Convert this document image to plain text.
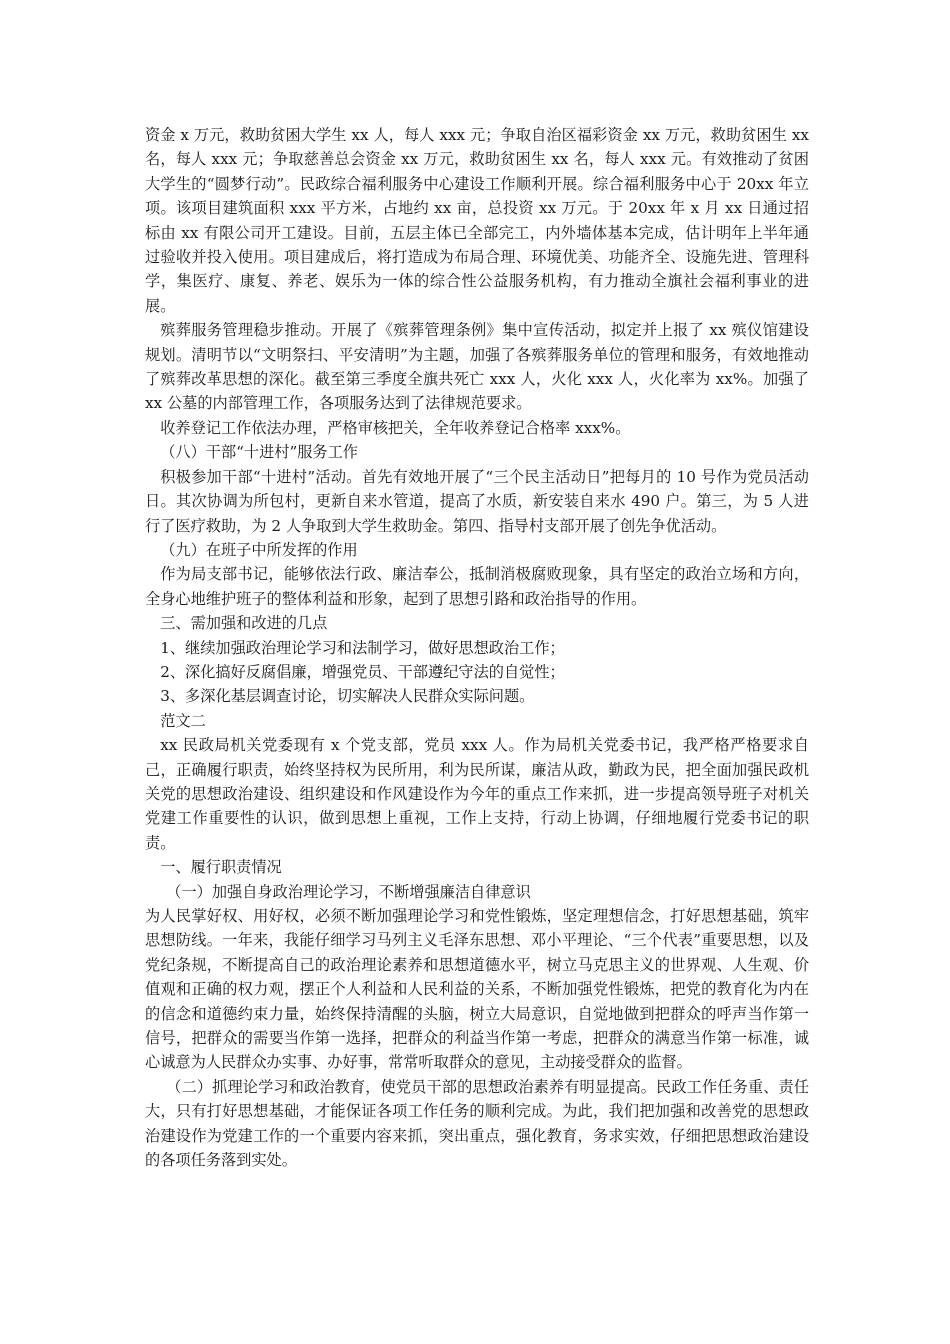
资金 x 万元，救助贫困大学生 xx 人，每人 xxx 元；争取自治区福彩资金 xx 万元，救助贫困生 xx 名，每人 xxx 元；争取慈善总会资金 xx 万元，救助贫困生 xx 名，每人 xxx 元。有效推动了贫困大学生的“圆梦行动”。民政综合福利服务中心建设工作顺利开展。综合福利服务中心于 20xx 年立项。该项目建筑面积 xxx 平方米，占地约 xx 亩，总投资 xx 万元。于 20xx 年 x 月 xx 日通过招标由 xx 有限公司开工建设。目前，五层主体已全部完工，内外墙体基本完成，估计明年上半年通过验收并投入使用。项目建成后，将打造成为布局合理、环境优美、功能齐全、设施先进、管理科学，集医疗、康复、养老、娱乐为一体的综合性公益服务机构，有力推动全旗社会福利事业的进展。

殡葬服务管理稳步推动。开展了《殡葬管理条例》集中宣传活动，拟定并上报了 xx 殡仪馆建设规划。清明节以“文明祭扫、平安清明”为主题，加强了各殡葬服务单位的管理和服务，有效地推动了殡葬改革思想的深化。截至第三季度全旗共死亡 xxx 人，火化 xxx 人，火化率为 xx%。加强了 xx 公墓的内部管理工作，各项服务达到了法律规范要求。

收养登记工作依法办理，严格审核把关，全年收养登记合格率 xxx%。

（八）干部“十进村”服务工作

积极参加干部“十进村”活动。首先有效地开展了“三个民主活动日”把每月的 10 号作为党员活动日。其次协调为所包村，更新自来水管道，提高了水质，新安装自来水 490 户。第三，为 5 人进行了医疗救助，为 2 人争取到大学生救助金。第四、指导村支部开展了创先争优活动。

（九）在班子中所发挥的作用

作为局支部书记，能够依法行政、廉洁奉公，抵制消极腐败现象，具有坚定的政治立场和方向，全身心地维护班子的整体利益和形象，起到了思想引路和政治指导的作用。

三、需加强和改进的几点

1、继续加强政治理论学习和法制学习，做好思想政治工作；

2、深化搞好反腐倡廉，增强党员、干部遵纪守法的自觉性；

3、多深化基层调查讨论，切实解决人民群众实际问题。

范文二

xx 民政局机关党委现有 x 个党支部，党员 xxx 人。作为局机关党委书记，我严格严格要求自己，正确履行职责，始终坚持权为民所用，利为民所谋，廉洁从政，勤政为民，把全面加强民政机关党的思想政治建设、组织建设和作风建设作为今年的重点工作来抓，进一步提高领导班子对机关党建工作重要性的认识，做到思想上重视，工作上支持，行动上协调，仔细地履行党委书记的职责。

一、履行职责情况

（一）加强自身政治理论学习，不断增强廉洁自律意识

为人民掌好权、用好权，必须不断加强理论学习和党性锻炼，坚定理想信念，打好思想基础，筑牢思想防线。一年来，我能仔细学习马列主义毛泽东思想、邓小平理论、“三个代表”重要思想，以及党纪条规，不断提高自己的政治理论素养和思想道德水平，树立马克思主义的世界观、人生观、价值观和正确的权力观，摆正个人利益和人民利益的关系，不断加强党性锻炼，把党的教育化为内在的信念和道德约束力量，始终保持清醒的头脑，树立大局意识，自觉地做到把群众的呼声当作第一信号，把群众的需要当作第一选择，把群众的利益当作第一考虑，把群众的满意当作第一标准，诚心诚意为人民群众办实事、办好事，常常听取群众的意见，主动接受群众的监督。

（二）抓理论学习和政治教育，使党员干部的思想政治素养有明显提高。民政工作任务重、责任大，只有打好思想基础，才能保证各项工作任务的顺利完成。为此，我们把加强和改善党的思想政治建设作为党建工作的一个重要内容来抓，突出重点，强化教育，务求实效，仔细把思想政治建设的各项任务落到实处。
